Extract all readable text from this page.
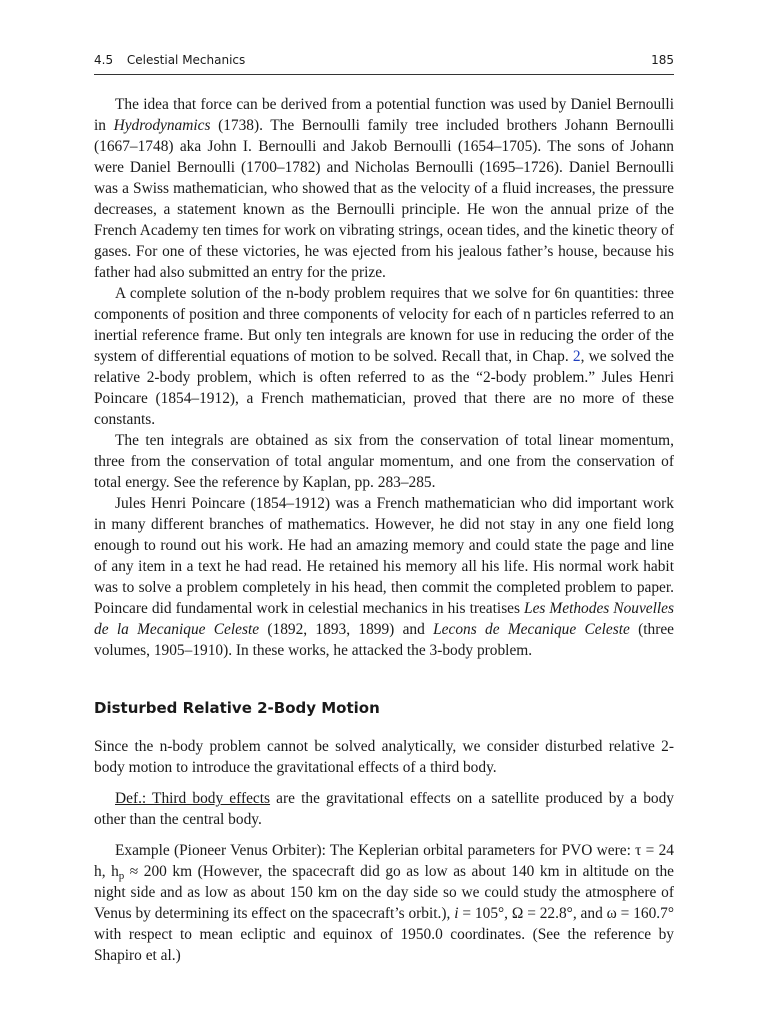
4.5 Celestial Mechanics	185

The idea that force can be derived from a potential function was used by Daniel Bernoulli in Hydrodynamics (1738). The Bernoulli family tree included brothers Johann Bernoulli (1667–1748) aka John I. Bernoulli and Jakob Bernoulli (1654–1705). The sons of Johann were Daniel Bernoulli (1700–1782) and Nicholas Bernoulli (1695–1726). Daniel Bernoulli was a Swiss mathematician, who showed that as the velocity of a fluid increases, the pressure decreases, a statement known as the Bernoulli principle. He won the annual prize of the French Academy ten times for work on vibrating strings, ocean tides, and the kinetic theory of gases. For one of these victories, he was ejected from his jealous father’s house, because his father had also submitted an entry for the prize.

A complete solution of the n-body problem requires that we solve for 6n quantities: three components of position and three components of velocity for each of n particles referred to an inertial reference frame. But only ten integrals are known for use in reducing the order of the system of differential equations of motion to be solved. Recall that, in Chap. 2, we solved the relative 2-body problem, which is often referred to as the “2-body problem.” Jules Henri Poincare (1854–1912), a French mathematician, proved that there are no more of these constants.

The ten integrals are obtained as six from the conservation of total linear momentum, three from the conservation of total angular momentum, and one from the conservation of total energy. See the reference by Kaplan, pp. 283–285.

Jules Henri Poincare (1854–1912) was a French mathematician who did important work in many different branches of mathematics. However, he did not stay in any one field long enough to round out his work. He had an amazing memory and could state the page and line of any item in a text he had read. He retained his memory all his life. His normal work habit was to solve a problem completely in his head, then commit the completed problem to paper. Poincare did fundamental work in celestial mechanics in his treatises Les Methodes Nouvelles de la Mecanique Celeste (1892, 1893, 1899) and Lecons de Mecanique Celeste (three volumes, 1905–1910). In these works, he attacked the 3-body problem.

Disturbed Relative 2-Body Motion

Since the n-body problem cannot be solved analytically, we consider disturbed relative 2-body motion to introduce the gravitational effects of a third body.

Def.: Third body effects are the gravitational effects on a satellite produced by a body other than the central body.

Example (Pioneer Venus Orbiter): The Keplerian orbital parameters for PVO were: τ = 24 h, $h_p \approx 200$ km (However, the spacecraft did go as low as about 140 km in altitude on the night side and as low as about 150 km on the day side so we could study the atmosphere of Venus by determining its effect on the spacecraft’s orbit.), i = 105°, Ω = 22.8°, and ω = 160.7° with respect to mean ecliptic and equinox of 1950.0 coordinates. (See the reference by Shapiro et al.)
